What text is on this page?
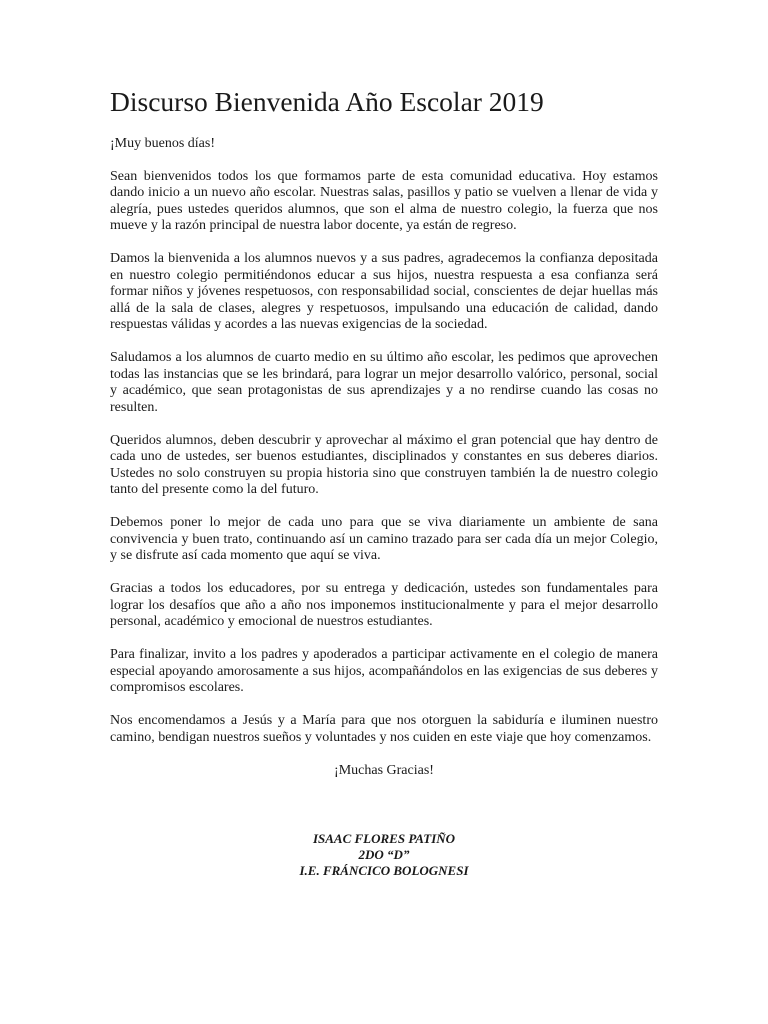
Discurso Bienvenida Año Escolar 2019

¡Muy buenos días!

Sean bienvenidos todos los que formamos parte de esta comunidad educativa. Hoy estamos dando inicio a un nuevo año escolar. Nuestras salas, pasillos y patio se vuelven a llenar de vida y alegría, pues ustedes queridos alumnos, que son el alma de nuestro colegio, la fuerza que nos mueve y la razón principal de nuestra labor docente, ya están de regreso.

Damos la bienvenida a los alumnos nuevos y a sus padres, agradecemos la confianza depositada en nuestro colegio permitiéndonos educar a sus hijos, nuestra respuesta a esa confianza será formar niños y jóvenes respetuosos, con responsabilidad social, conscientes de dejar huellas más allá de la sala de clases, alegres y respetuosos, impulsando una educación de calidad, dando respuestas válidas y acordes a las nuevas exigencias de la sociedad.

Saludamos a los alumnos de cuarto medio en su último año escolar, les pedimos que aprovechen todas las instancias que se les brindará, para lograr un mejor desarrollo valórico, personal, social y académico, que sean protagonistas de sus aprendizajes y a no rendirse cuando las cosas no resulten.

Queridos alumnos, deben descubrir y aprovechar al máximo el gran potencial que hay dentro de cada uno de ustedes, ser buenos estudiantes, disciplinados y constantes en sus deberes diarios. Ustedes no solo construyen su propia historia sino que construyen también la de nuestro colegio tanto del presente como la del futuro.

Debemos poner lo mejor de cada uno para que se viva diariamente un ambiente de sana convivencia y buen trato, continuando así un camino trazado para ser cada día un mejor Colegio, y se disfrute así cada momento que aquí se viva.

Gracias a todos los educadores, por su entrega y dedicación, ustedes son fundamentales para lograr los desafíos que año a año nos imponemos institucionalmente y para el mejor desarrollo personal, académico y emocional de nuestros estudiantes.

Para finalizar, invito a los padres y apoderados a participar activamente en el colegio de manera especial apoyando amorosamente a sus hijos, acompañándolos en las exigencias de sus deberes y compromisos escolares.

Nos encomendamos a Jesús y a María para que nos otorguen la sabiduría e iluminen nuestro camino, bendigan nuestros sueños y voluntades y nos cuiden en este viaje que hoy comenzamos.

¡Muchas Gracias!

ISAAC FLORES PATIÑO
2DO “D”
I.E. FRÁNCICO BOLOGNESI
